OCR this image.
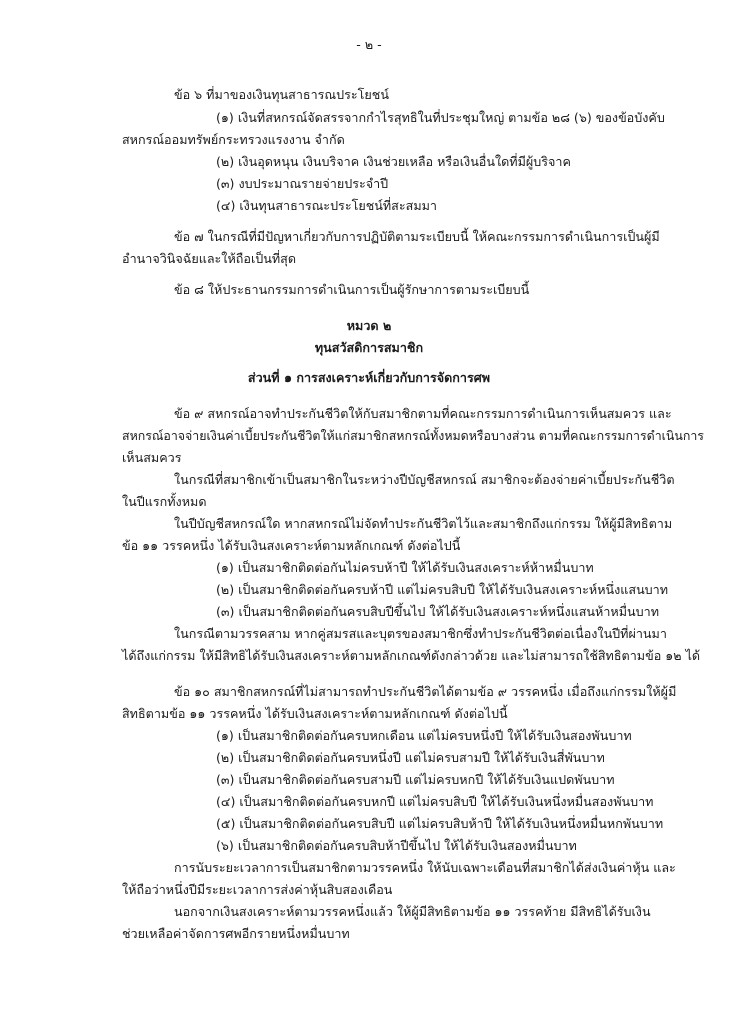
- ๒ -
ข้อ ๖ ที่มาของเงินทุนสาธารณประโยชน์
(๑) เงินที่สหกรณ์จัดสรรจากกำไรสุทธิในที่ประชุมใหญ่ ตามข้อ ๒๘ (๖) ของข้อบังคับ
สหกรณ์ออมทรัพย์กระทรวงแรงงาน จำกัด
(๒) เงินอุดหนุน เงินบริจาค เงินช่วยเหลือ หรือเงินอื่นใดที่มีผู้บริจาค
(๓) งบประมาณรายจ่ายประจำปี
(๔) เงินทุนสาธารณะประโยชน์ที่สะสมมา
ข้อ ๗ ในกรณีที่มีปัญหาเกี่ยวกับการปฏิบัติตามระเบียบนี้ ให้คณะกรรมการดำเนินการเป็นผู้มี
อำนาจวินิจฉัยและให้ถือเป็นที่สุด
ข้อ ๘ ให้ประธานกรรมการดำเนินการเป็นผู้รักษาการตามระเบียบนี้
หมวด ๒
ทุนสวัสดิการสมาชิก
ส่วนที่ ๑ การสงเคราะห์เกี่ยวกับการจัดการศพ
ข้อ ๙ สหกรณ์อาจทำประกันชีวิตให้กับสมาชิกตามที่คณะกรรมการดำเนินการเห็นสมควร และ
สหกรณ์อาจจ่ายเงินค่าเบี้ยประกันชีวิตให้แก่สมาชิกสหกรณ์ทั้งหมดหรือบางส่วน ตามที่คณะกรรมการดำเนินการ
เห็นสมควร
ในกรณีที่สมาชิกเข้าเป็นสมาชิกในระหว่างปีบัญชีสหกรณ์ สมาชิกจะต้องจ่ายค่าเบี้ยประกันชีวิต
ในปีแรกทั้งหมด
ในปีบัญชีสหกรณ์ใด หากสหกรณ์ไม่จัดทำประกันชีวิตไว้และสมาชิกถึงแก่กรรม ให้ผู้มีสิทธิตาม
ข้อ ๑๑ วรรคหนึ่ง ได้รับเงินสงเคราะห์ตามหลักเกณฑ์ ดังต่อไปนี้
(๑) เป็นสมาชิกติดต่อกันไม่ครบห้าปี ให้ได้รับเงินสงเคราะห์ห้าหมื่นบาท
(๒) เป็นสมาชิกติดต่อกันครบห้าปี แต่ไม่ครบสิบปี ให้ได้รับเงินสงเคราะห์หนึ่งแสนบาท
(๓) เป็นสมาชิกติดต่อกันครบสิบปีขึ้นไป ให้ได้รับเงินสงเคราะห์หนึ่งแสนห้าหมื่นบาท
ในกรณีตามวรรคสาม หากคู่สมรสและบุตรของสมาชิกซึ่งทำประกันชีวิตต่อเนื่องในปีที่ผ่านมา
ได้ถึงแก่กรรม ให้มีสิทธิได้รับเงินสงเคราะห์ตามหลักเกณฑ์ดังกล่าวด้วย และไม่สามารถใช้สิทธิตามข้อ ๑๒ ได้
ข้อ ๑๐ สมาชิกสหกรณ์ที่ไม่สามารถทำประกันชีวิตได้ตามข้อ ๙ วรรคหนึ่ง เมื่อถึงแก่กรรมให้ผู้มี
สิทธิตามข้อ ๑๑ วรรคหนึ่ง ได้รับเงินสงเคราะห์ตามหลักเกณฑ์ ดังต่อไปนี้
(๑) เป็นสมาชิกติดต่อกันครบหกเดือน แต่ไม่ครบหนึ่งปี ให้ได้รับเงินสองพันบาท
(๒) เป็นสมาชิกติดต่อกันครบหนึ่งปี แต่ไม่ครบสามปี ให้ได้รับเงินสี่พันบาท
(๓) เป็นสมาชิกติดต่อกันครบสามปี แต่ไม่ครบหกปี ให้ได้รับเงินแปดพันบาท
(๔) เป็นสมาชิกติดต่อกันครบหกปี แต่ไม่ครบสิบปี ให้ได้รับเงินหนึ่งหมื่นสองพันบาท
(๕) เป็นสมาชิกติดต่อกันครบสิบปี แต่ไม่ครบสิบห้าปี ให้ได้รับเงินหนึ่งหมื่นหกพันบาท
(๖) เป็นสมาชิกติดต่อกันครบสิบห้าปีขึ้นไป ให้ได้รับเงินสองหมื่นบาท
การนับระยะเวลาการเป็นสมาชิกตามวรรคหนึ่ง ให้นับเฉพาะเดือนที่สมาชิกได้ส่งเงินค่าหุ้น และ
ให้ถือว่าหนึ่งปีมีระยะเวลาการส่งค่าหุ้นสิบสองเดือน
นอกจากเงินสงเคราะห์ตามวรรคหนึ่งแล้ว ให้ผู้มีสิทธิตามข้อ ๑๑ วรรคท้าย มีสิทธิได้รับเงิน
ช่วยเหลือค่าจัดการศพอีกรายหนึ่งหมื่นบาท
